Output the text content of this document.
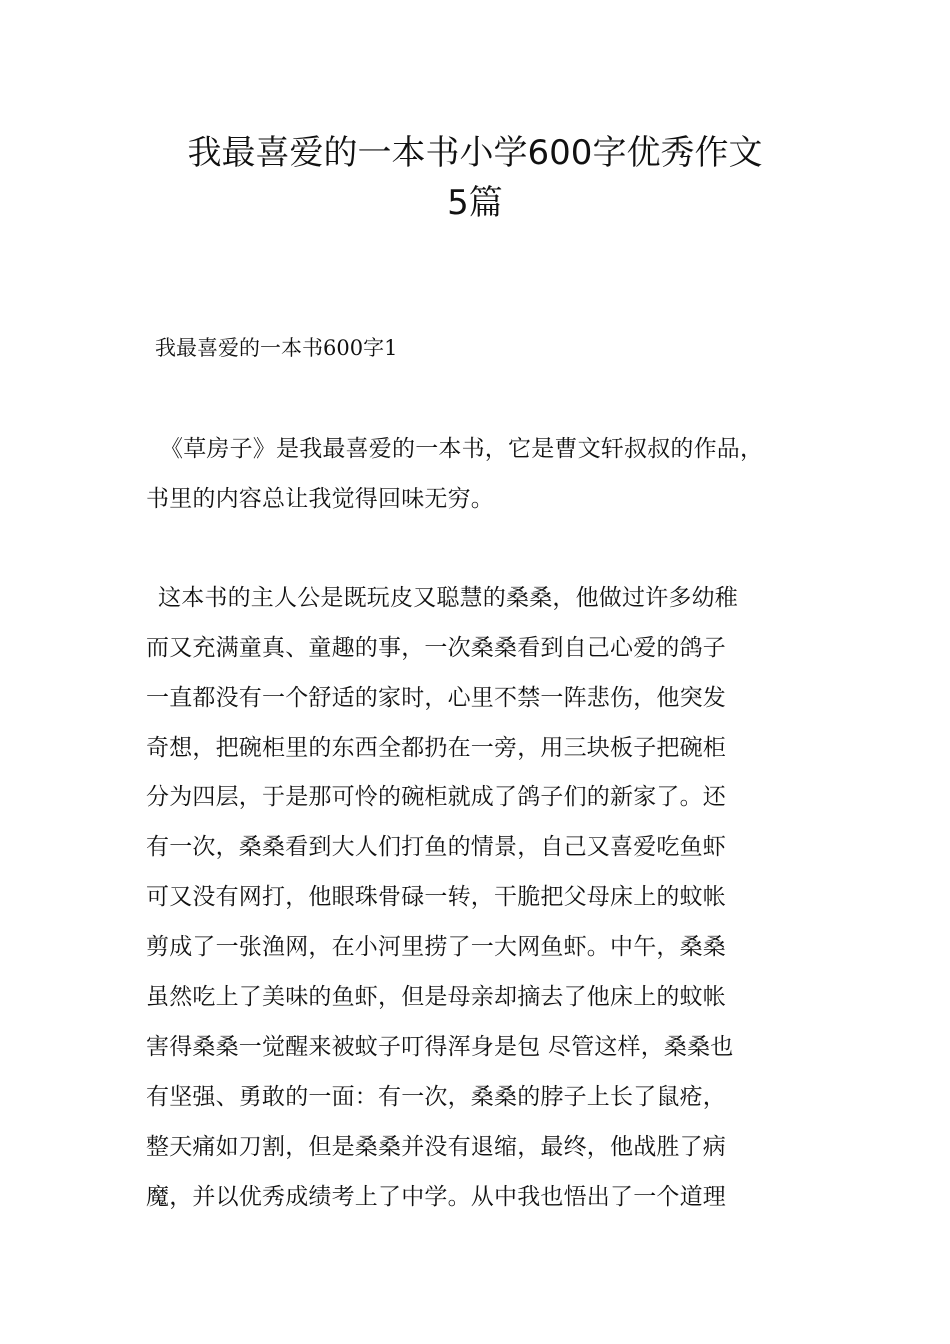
我最喜爱的一本书小学600字优秀作文
5篇
我最喜爱的一本书600字1
《草房子》是我最喜爱的一本书，它是曹文轩叔叔的作品，
书里的内容总让我觉得回味无穷。
这本书的主人公是既玩皮又聪慧的桑桑，他做过许多幼稚
而又充满童真、童趣的事，一次桑桑看到自己心爱的鸽子
一直都没有一个舒适的家时，心里不禁一阵悲伤，他突发
奇想，把碗柜里的东西全都扔在一旁，用三块板子把碗柜
分为四层，于是那可怜的碗柜就成了鸽子们的新家了。还
有一次，桑桑看到大人们打鱼的情景，自己又喜爱吃鱼虾
可又没有网打，他眼珠骨碌一转，干脆把父母床上的蚊帐
剪成了一张渔网，在小河里捞了一大网鱼虾。中午，桑桑
虽然吃上了美味的鱼虾，但是母亲却摘去了他床上的蚊帐
害得桑桑一觉醒来被蚊子叮得浑身是包 尽管这样，桑桑也
有坚强、勇敢的一面：有一次，桑桑的脖子上长了鼠疮，
整天痛如刀割，但是桑桑并没有退缩，最终，他战胜了病
魔，并以优秀成绩考上了中学。从中我也悟出了一个道理
